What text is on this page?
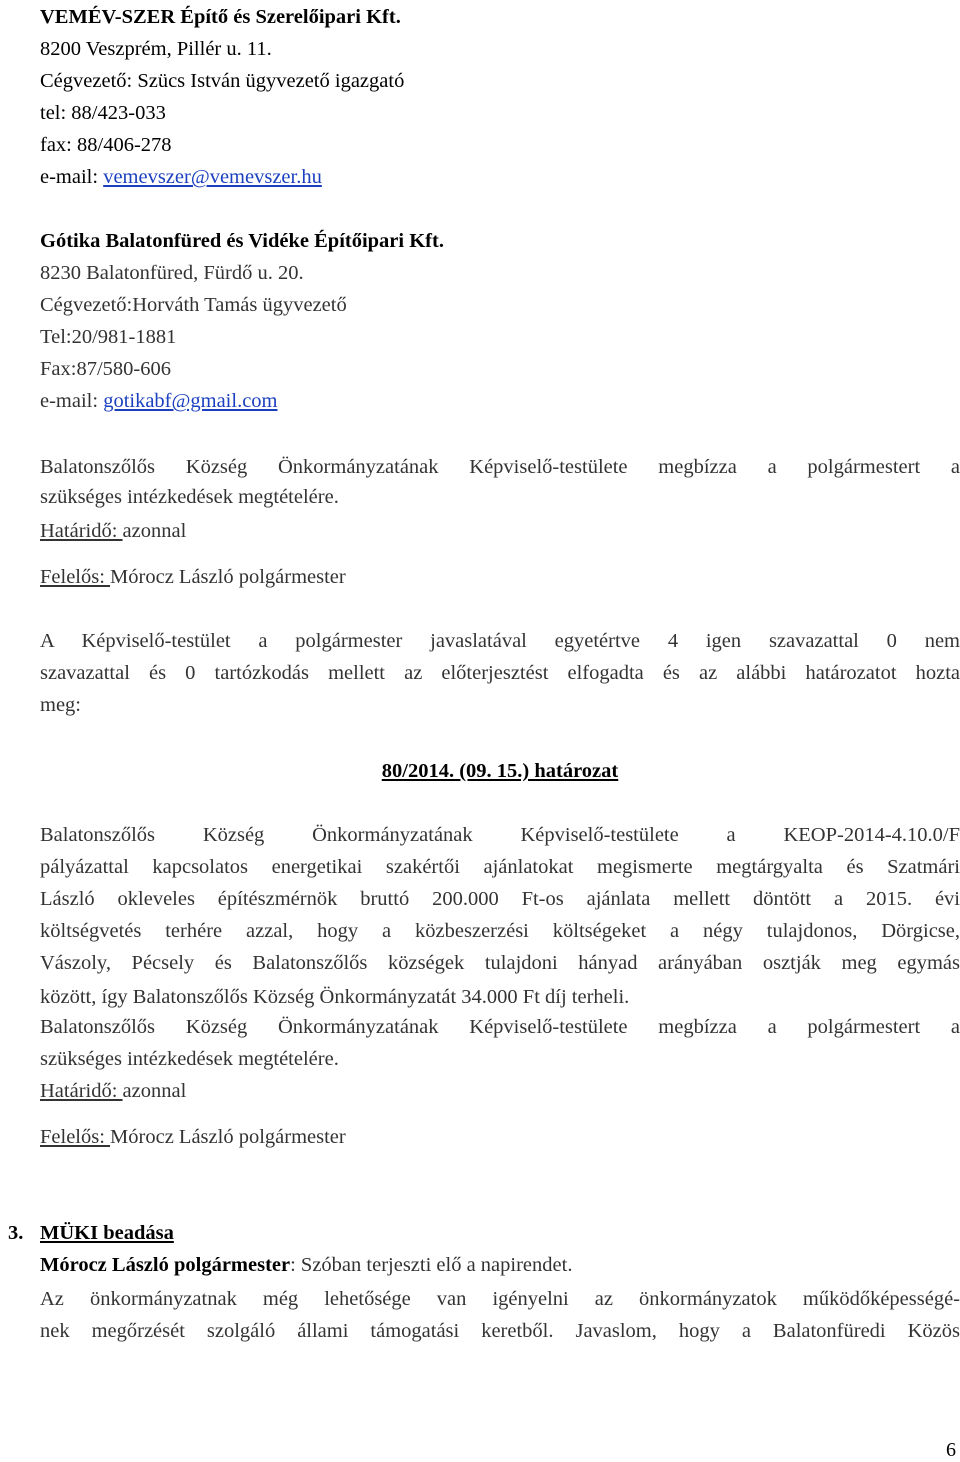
VEMÉV-SZER Építő és Szerelőipari Kft.
8200 Veszprém, Pillér u. 11.
Cégvezető: Szücs István ügyvezető igazgató
tel: 88/423-033
fax: 88/406-278
e-mail: vemevszer@vemevszer.hu
Gótika Balatonfüred és Vidéke Építőipari Kft.
8230 Balatonfüred, Fürdő u. 20.
Cégvezető:Horváth Tamás ügyvezető
Tel:20/981-1881
Fax:87/580-606
e-mail: gotikabf@gmail.com
Balatonszőlős Község Önkormányzatának Képviselő-testülete megbízza a polgármestert a
szükséges intézkedések megtételére.
Határidő: azonnal
Felelős: Mórocz László polgármester
A Képviselő-testület a polgármester javaslatával egyetértve 4 igen szavazattal 0 nem
szavazattal és 0 tartózkodás mellett az előterjesztést elfogadta és az alábbi határozatot hozta
meg:
80/2014. (09. 15.) határozat
Balatonszőlős Község Önkormányzatának Képviselő-testülete a KEOP-2014-4.10.0/F
pályázattal kapcsolatos energetikai szakértői ajánlatokat megismerte megtárgyalta és Szatmári
László okleveles építészmérnök bruttó 200.000 Ft-os ajánlata mellett döntött a 2015. évi
költségvetés terhére azzal, hogy a közbeszerzési költségeket a négy tulajdonos, Dörgicse,
Vászoly, Pécsely és Balatonszőlős községek tulajdoni hányad arányában osztják meg egymás
között, így Balatonszőlős Község Önkormányzatát 34.000 Ft díj terheli.
Balatonszőlős Község Önkormányzatának Képviselő-testülete megbízza a polgármestert a
szükséges intézkedések megtételére.
Határidő: azonnal
Felelős: Mórocz László polgármester
3. MÜKI beadása
Mórocz László polgármester: Szóban terjeszti elő a napirendet.
Az önkormányzatnak még lehetősége van igényelni az önkormányzatok működőképességé-
nek megőrzését szolgáló állami támogatási keretből. Javaslom, hogy a Balatonfüredi Közös
6
